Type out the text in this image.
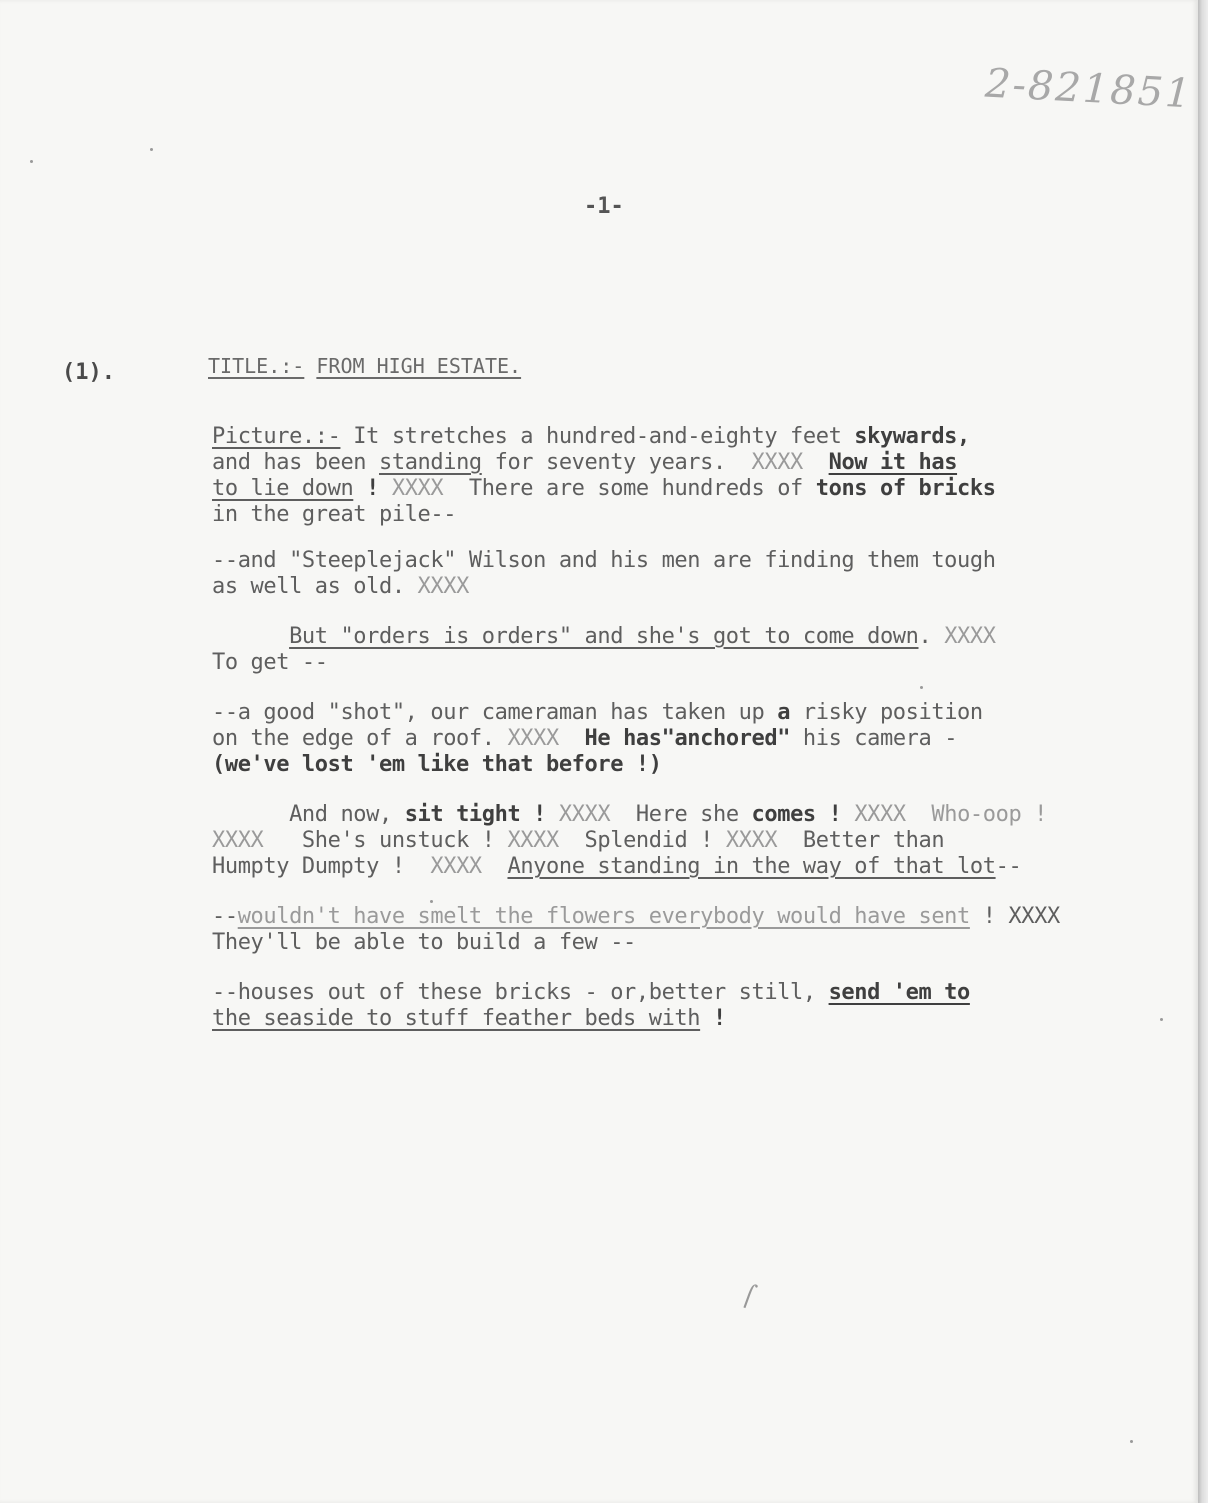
2-821851
-1-
(1).	TITLE.:- FROM HIGH ESTATE.
Picture.:- It stretches a hundred-and-eighty feet skywards,
and has been standing for seventy years.  XXXX Now it has
to lie down ! XXXX  There are some hundreds of tons of bricks
in the great pile--
--and "Steeplejack" Wilson and his men are finding them tough
as well as old. XXXX
But "orders is orders" and she's got to come down. XXXX
To get --
--a good "shot", our cameraman has taken up a risky position
on the edge of a roof. XXXX He has"anchored" his camera -
(we've lost 'em like that before !)
And now, sit tight ! XXXX  Here she comes ! XXXX  Who-oop !
XXXX   She's unstuck ! XXXX  Splendid ! XXXX  Better than
Humpty Dumpty !  XXXX Anyone standing in the way of that lot--
--wouldn't have smelt the flowers everybody would have sent ! XXXX
They'll be able to build a few --
--houses out of these bricks - or,better still, send 'em to
the seaside to stuff feather beds with !
⌠
